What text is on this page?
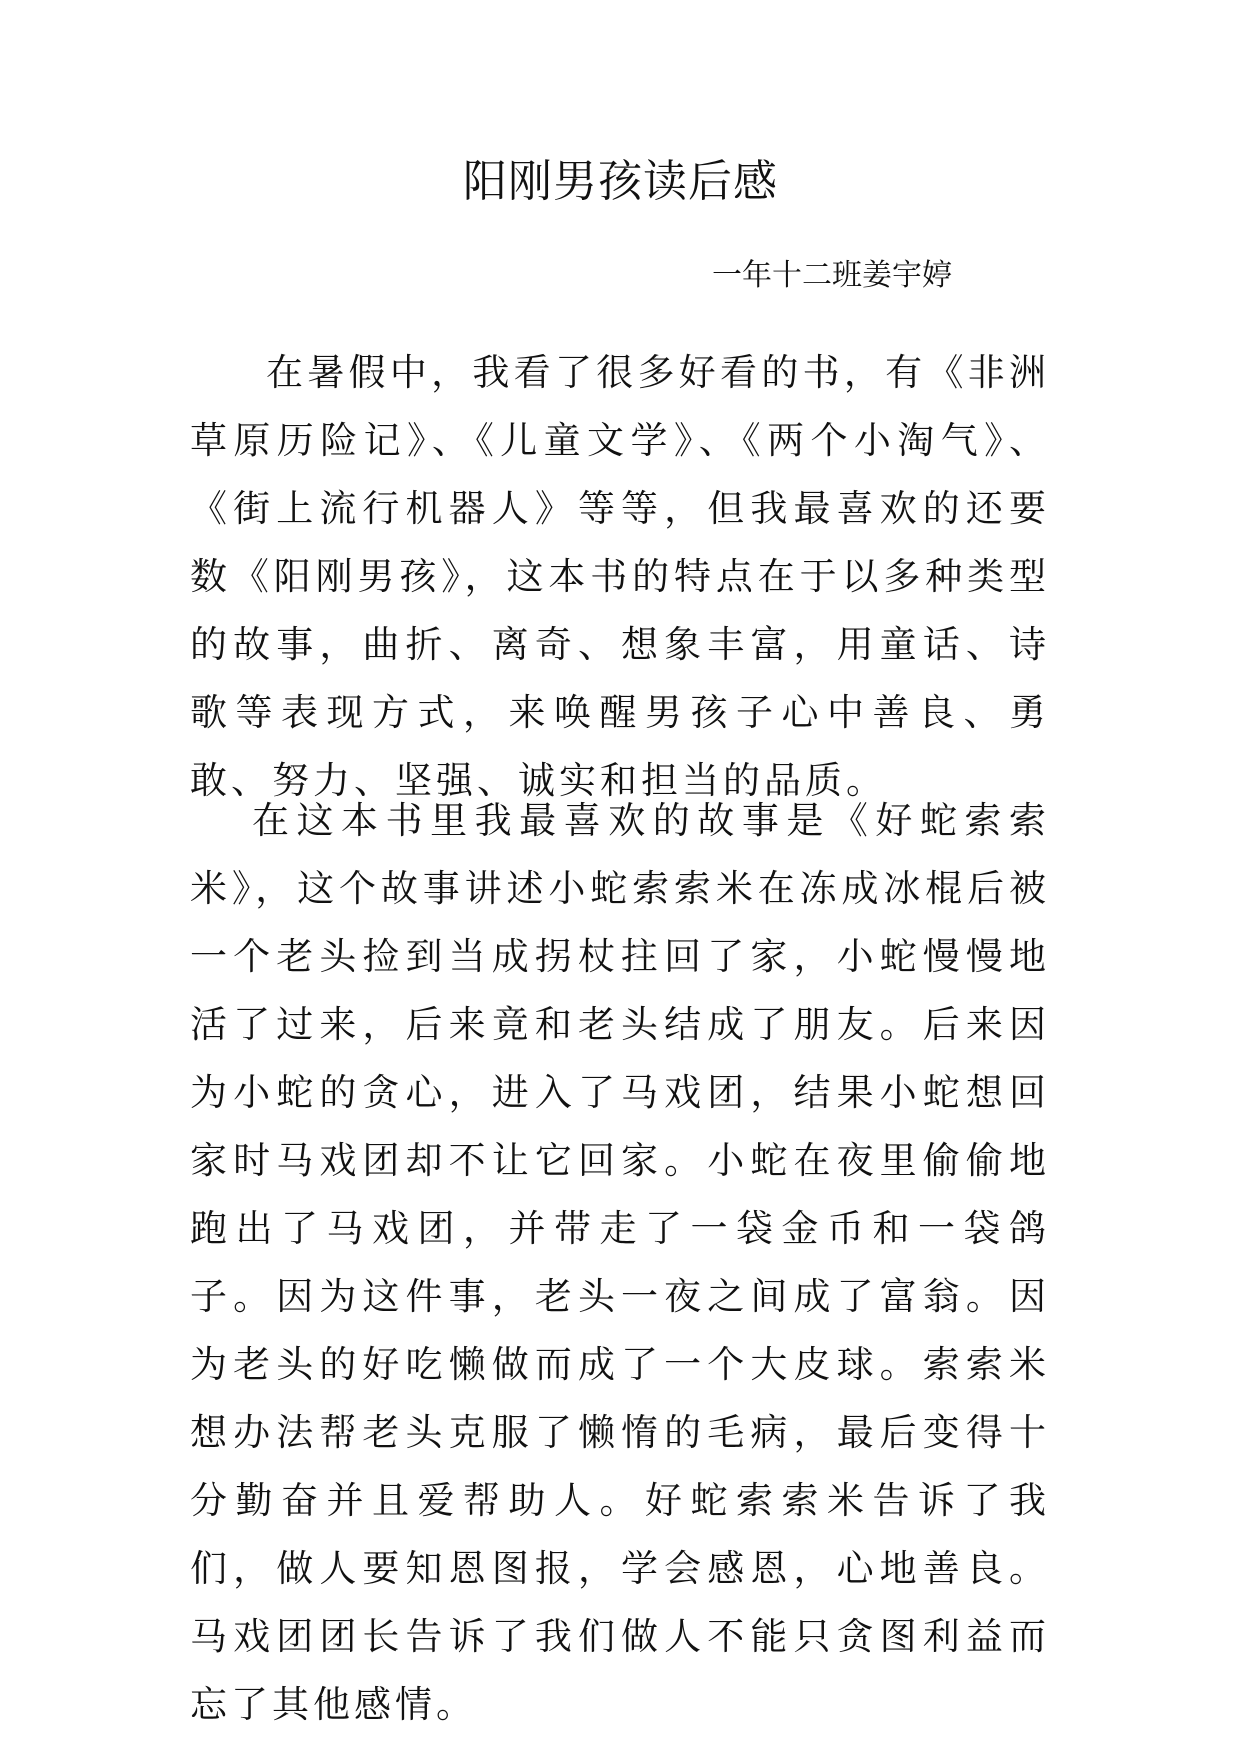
阳刚男孩读后感

一年十二班姜宇婷

在暑假中，我看了很多好看的书，有《非洲草原历险记》、《儿童文学》、《两个小淘气》、《街上流行机器人》等等，但我最喜欢的还要数《阳刚男孩》，这本书的特点在于以多种类型的故事，曲折、离奇、想象丰富，用童话、诗歌等表现方式，来唤醒男孩子心中善良、勇敢、努力、坚强、诚实和担当的品质。

在这本书里我最喜欢的故事是《好蛇索索米》，这个故事讲述小蛇索索米在冻成冰棍后被一个老头捡到当成拐杖拄回了家，小蛇慢慢地活了过来，后来竟和老头结成了朋友。后来因为小蛇的贪心，进入了马戏团，结果小蛇想回家时马戏团却不让它回家。小蛇在夜里偷偷地跑出了马戏团，并带走了一袋金币和一袋鸽子。因为这件事，老头一夜之间成了富翁。因为老头的好吃懒做而成了一个大皮球。索索米想办法帮老头克服了懒惰的毛病，最后变得十分勤奋并且爱帮助人。好蛇索索米告诉了我们，做人要知恩图报，学会感恩，心地善良。马戏团团长告诉了我们做人不能只贪图利益而忘了其他感情。
